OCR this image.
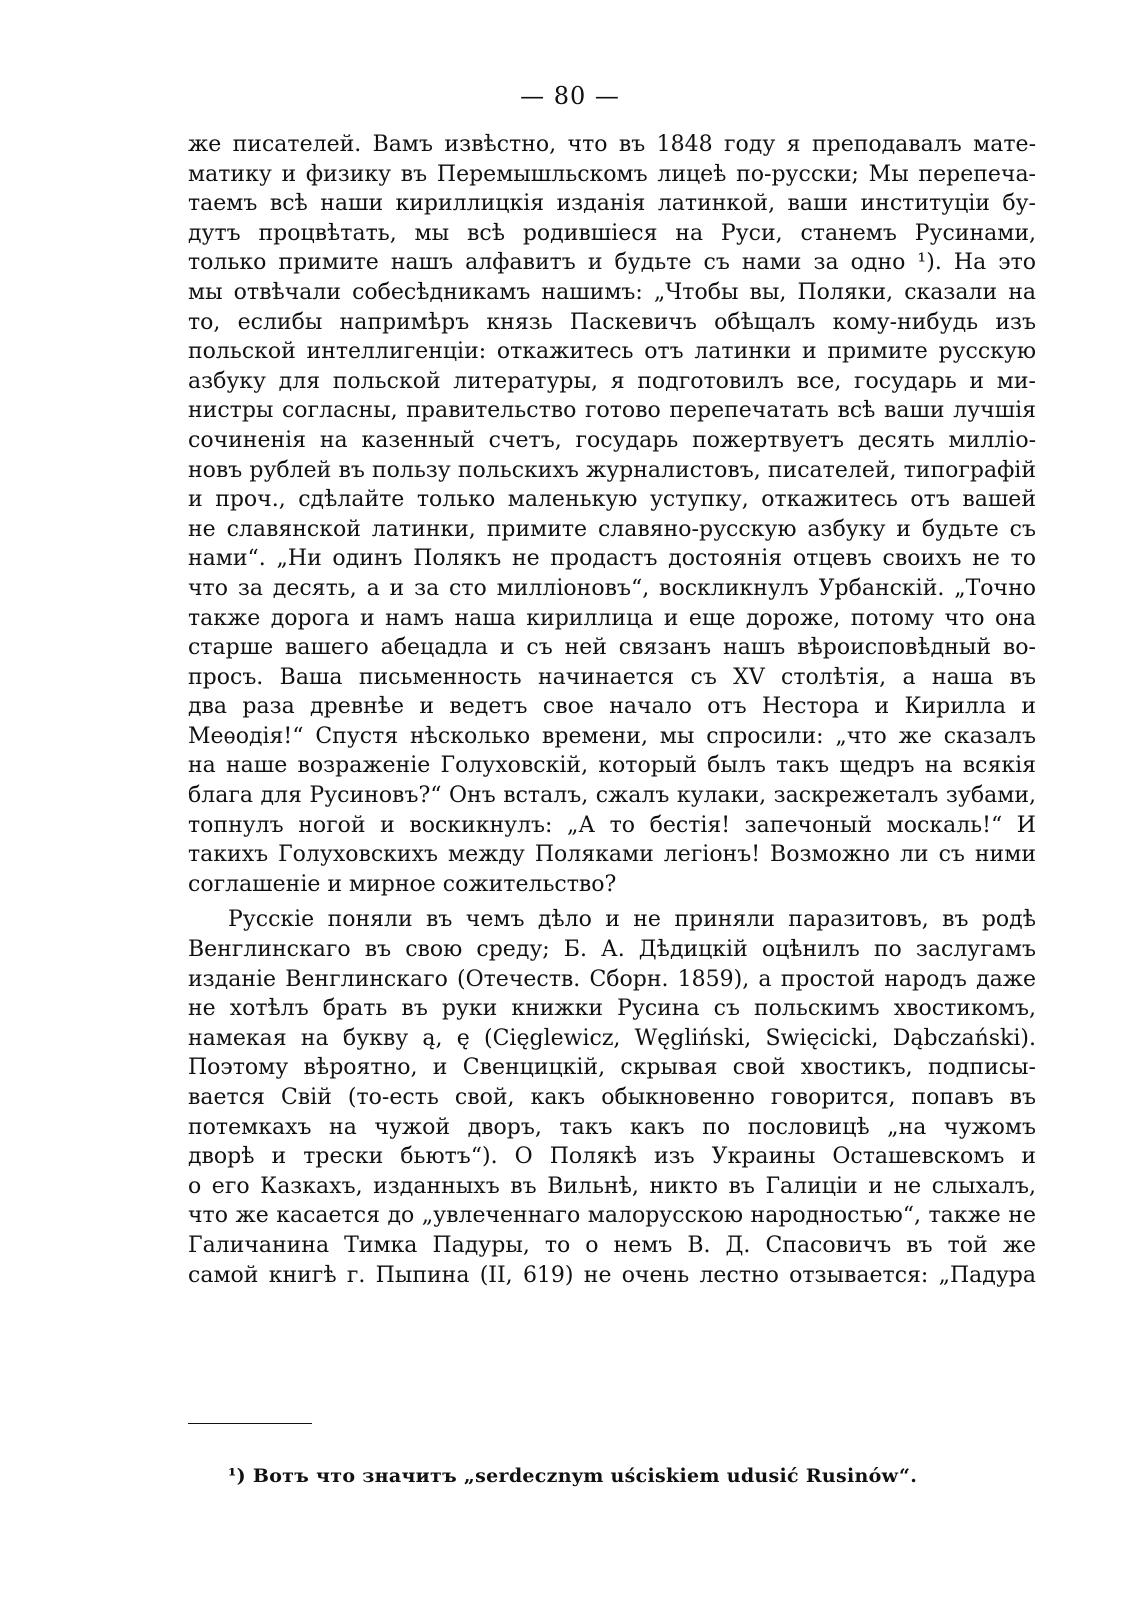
— 80 —

же писателей. Вамъ извѣстно, что въ 1848 году я преподавалъ мате-
матику и физику въ Перемышльскомъ лицеѣ по-русски; Мы перепеча-
таемъ всѣ наши кириллицкія изданія латинкой, ваши институціи бу-
дутъ процвѣтать, мы всѣ родившіеся на Руси, станемъ Русинами,
только примите нашъ алфавитъ и будьте съ нами за одно ¹). На это
мы отвѣчали собесѣдникамъ нашимъ: „Чтобы вы, Поляки, сказали на
то, еслибы напримѣръ князь Паскевичъ обѣщалъ кому-нибудь изъ
польской интеллигенціи: откажитесь отъ латинки и примите русскую
азбуку для польской литературы, я подготовилъ все, государь и ми-
нистры согласны, правительство готово перепечатать всѣ ваши лучшія
сочиненія на казенный счетъ, государь пожертвуетъ десять милліо-
новъ рублей въ пользу польскихъ журналистовъ, писателей, типографій
и проч., сдѣлайте только маленькую уступку, откажитесь отъ вашей
не славянской латинки, примите славяно-русскую азбуку и будьте съ
нами“. „Ни одинъ Полякъ не продастъ достоянія отцевъ своихъ не то
что за десять, а и за сто милліоновъ“, воскликнулъ Урбанскій. „Точно
также дорога и намъ наша кириллица и еще дороже, потому что она
старше вашего абецадла и съ ней связанъ нашъ вѣроисповѣдный во-
просъ. Ваша письменность начинается съ XV столѣтія, а наша въ
два раза древнѣе и ведетъ свое начало отъ Нестора и Кирилла и
Меѳодія!“ Спустя нѣсколько времени, мы спросили: „что же сказалъ
на наше возраженіе Голуховскій, который былъ такъ щедръ на всякія
блага для Русиновъ?“ Онъ всталъ, сжалъ кулаки, заскрежеталъ зубами,
топнулъ ногой и воскикнулъ: „А то бестія! запечоный москаль!“ И
такихъ Голуховскихъ между Поляками легіонъ! Возможно ли съ ними
соглашеніе и мирное сожительство?

Русскіе поняли въ чемъ дѣло и не приняли паразитовъ, въ родѣ
Венглинскаго въ свою среду; Б. А. Дѣдицкій оцѣнилъ по заслугамъ
изданіе Венглинскаго (Отечеств. Сборн. 1859), а простой народъ даже
не хотѣлъ брать въ руки книжки Русина съ польскимъ хвостикомъ,
намекая на букву ą, ę (Cięglewicz, Węgliński, Swięcicki, Dąbczański).
Поэтому вѣроятно, и Свенцицкій, скрывая свой хвостикъ, подписы-
вается Свій (то-есть свой, какъ обыкновенно говорится, попавъ въ
потемкахъ на чужой дворъ, такъ какъ по пословицѣ „на чужомъ
дворѣ и трески бьютъ“). О Полякѣ изъ Украины Осташевскомъ и
о его Казкахъ, изданныхъ въ Вильнѣ, никто въ Галиціи и не слыхалъ,
что же касается до „увлеченнаго малорусскою народностью“, также не
Галичанина Тимка Падуры, то о немъ В. Д. Спасовичъ въ той же
самой книгѣ г. Пыпина (II, 619) не очень лестно отзывается: „Падура

¹) Вотъ что значитъ „serdecznym uściskiem udusić Rusinów“.
